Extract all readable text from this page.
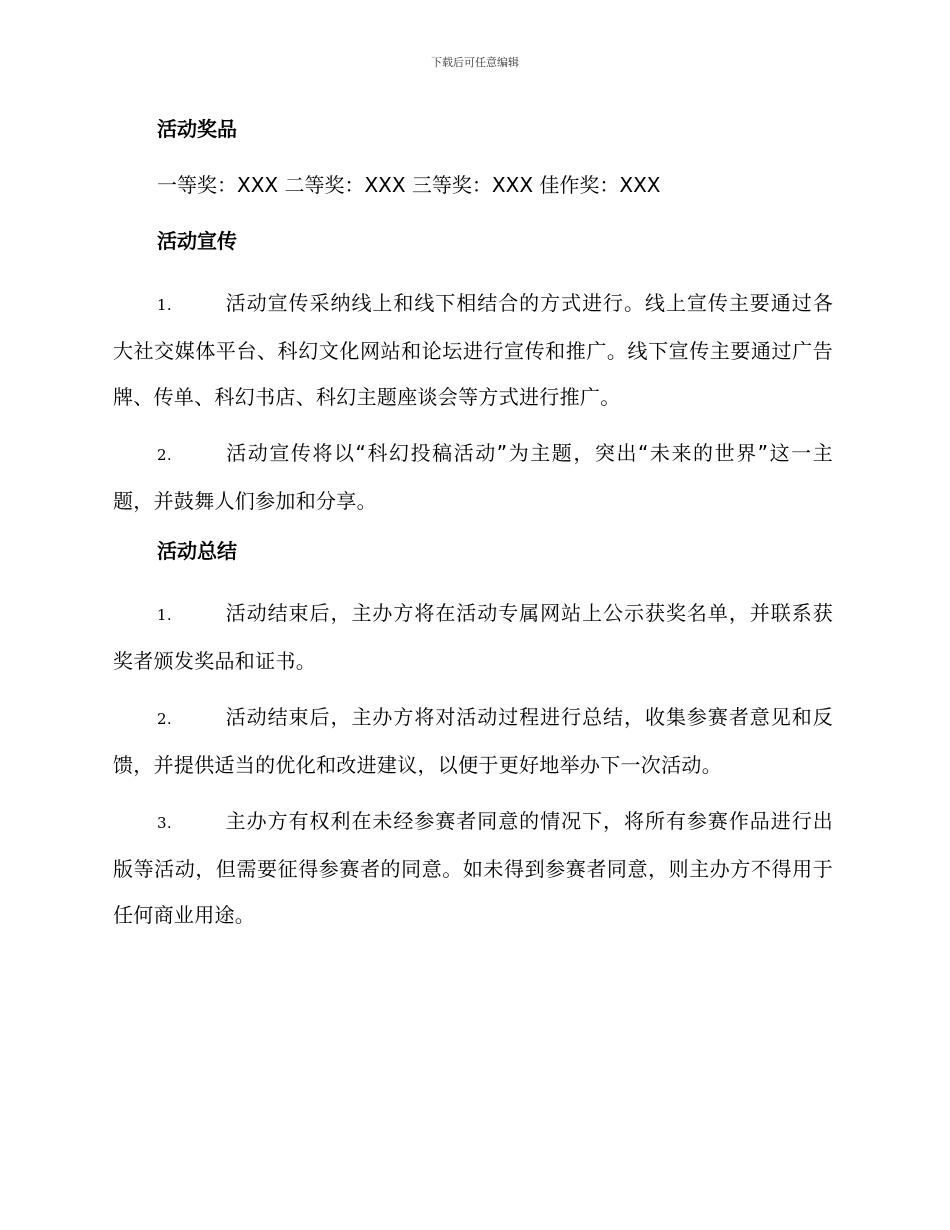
下载后可任意编辑
活动奖品
一等奖：XXX 二等奖：XXX 三等奖：XXX 佳作奖：XXX
活动宣传
1.	活动宣传采纳线上和线下相结合的方式进行。线上宣传主要通过各大社交媒体平台、科幻文化网站和论坛进行宣传和推广。线下宣传主要通过广告牌、传单、科幻书店、科幻主题座谈会等方式进行推广。
2.	活动宣传将以“科幻投稿活动”为主题，突出“未来的世界”这一主题，并鼓舞人们参加和分享。
活动总结
1.	活动结束后，主办方将在活动专属网站上公示获奖名单，并联系获奖者颁发奖品和证书。
2.	活动结束后，主办方将对活动过程进行总结，收集参赛者意见和反馈，并提供适当的优化和改进建议，以便于更好地举办下一次活动。
3.	主办方有权利在未经参赛者同意的情况下，将所有参赛作品进行出版等活动，但需要征得参赛者的同意。如未得到参赛者同意，则主办方不得用于任何商业用途。
